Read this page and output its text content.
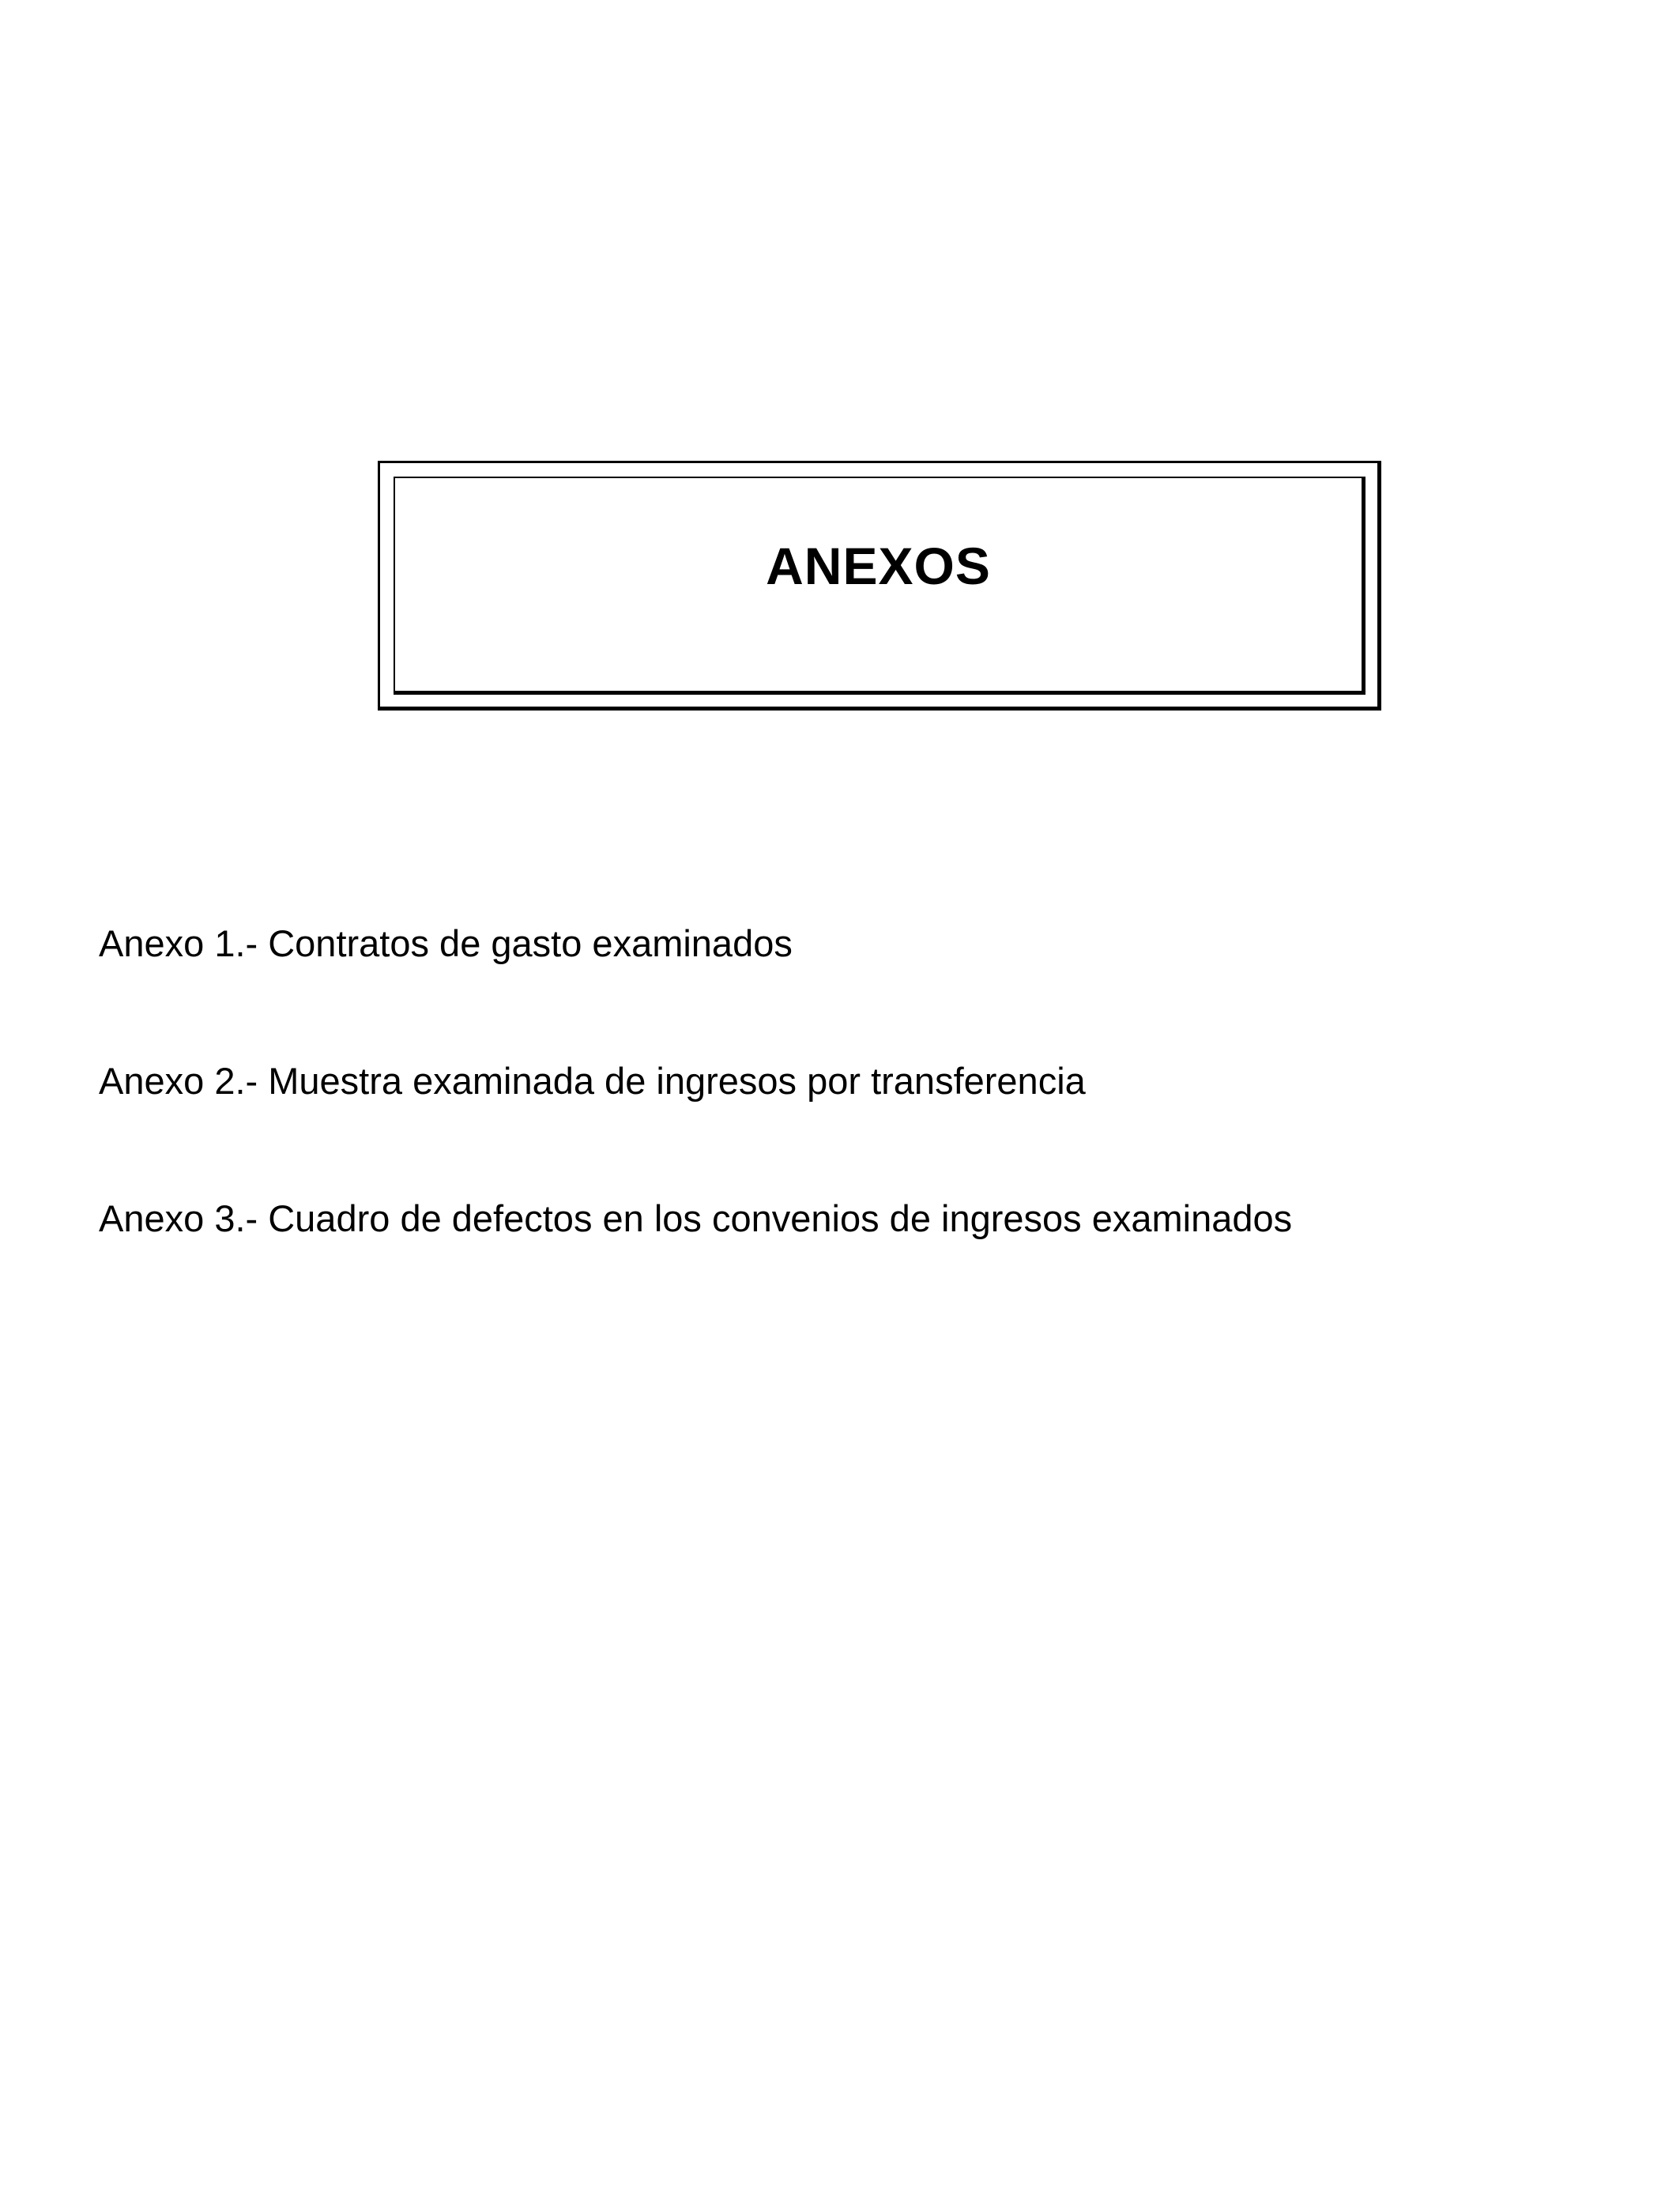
ANEXOS
Anexo 1.- Contratos de gasto examinados
Anexo 2.- Muestra examinada de ingresos por transferencia
Anexo 3.- Cuadro de defectos en los convenios de ingresos examinados
